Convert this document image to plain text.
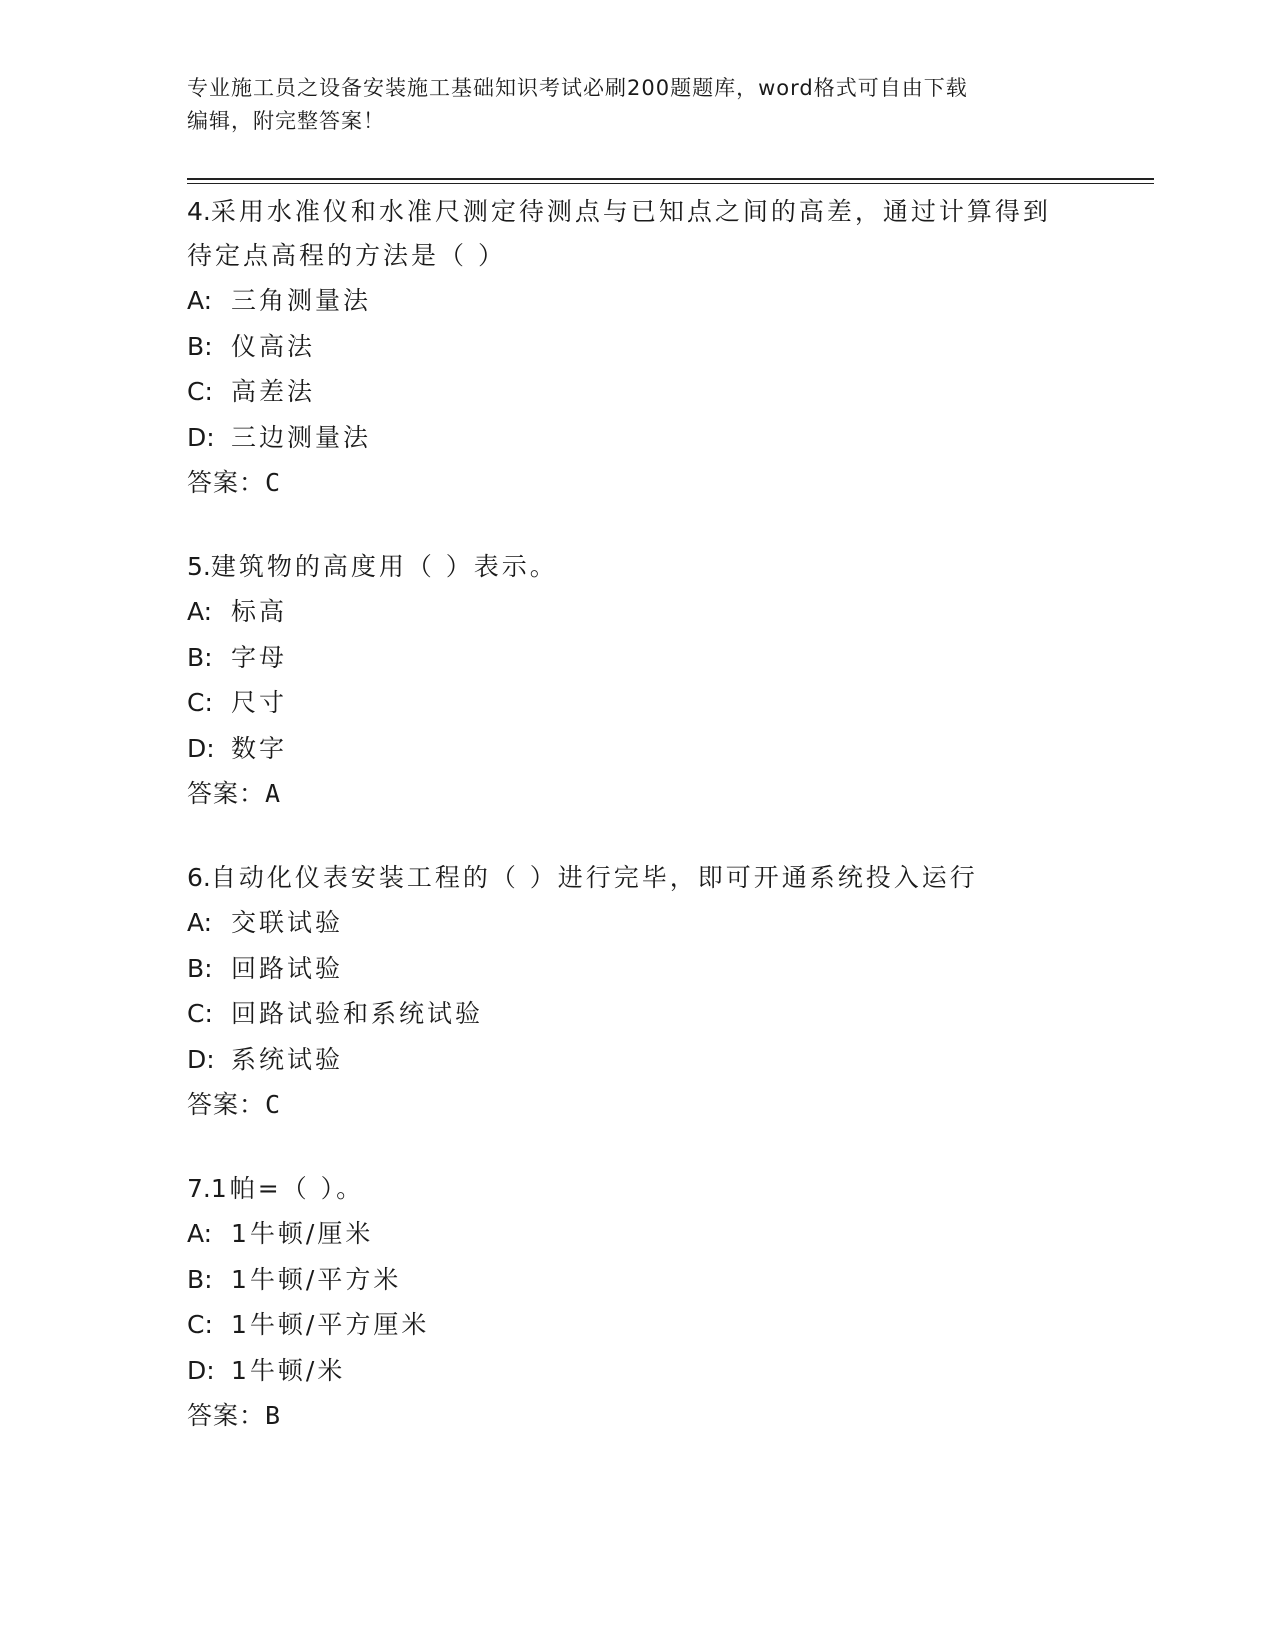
专业施工员之设备安装施工基础知识考试必刷200题题库，word格式可自由下载
编辑，附完整答案！
4.采用水准仪和水准尺测定待测点与已知点之间的高差，通过计算得到待定点高程的方法是（ ）
A: 三角测量法
B: 仪高法
C: 高差法
D: 三边测量法
答案：C
5.建筑物的高度用（ ）表示。
A: 标高
B: 字母
C: 尺寸
D: 数字
答案：A
6.自动化仪表安装工程的（ ）进行完毕，即可开通系统投入运行
A: 交联试验
B: 回路试验
C: 回路试验和系统试验
D: 系统试验
答案：C
7.1帕=（ ）。
A: 1牛顿/厘米
B: 1牛顿/平方米
C: 1牛顿/平方厘米
D: 1牛顿/米
答案：B
